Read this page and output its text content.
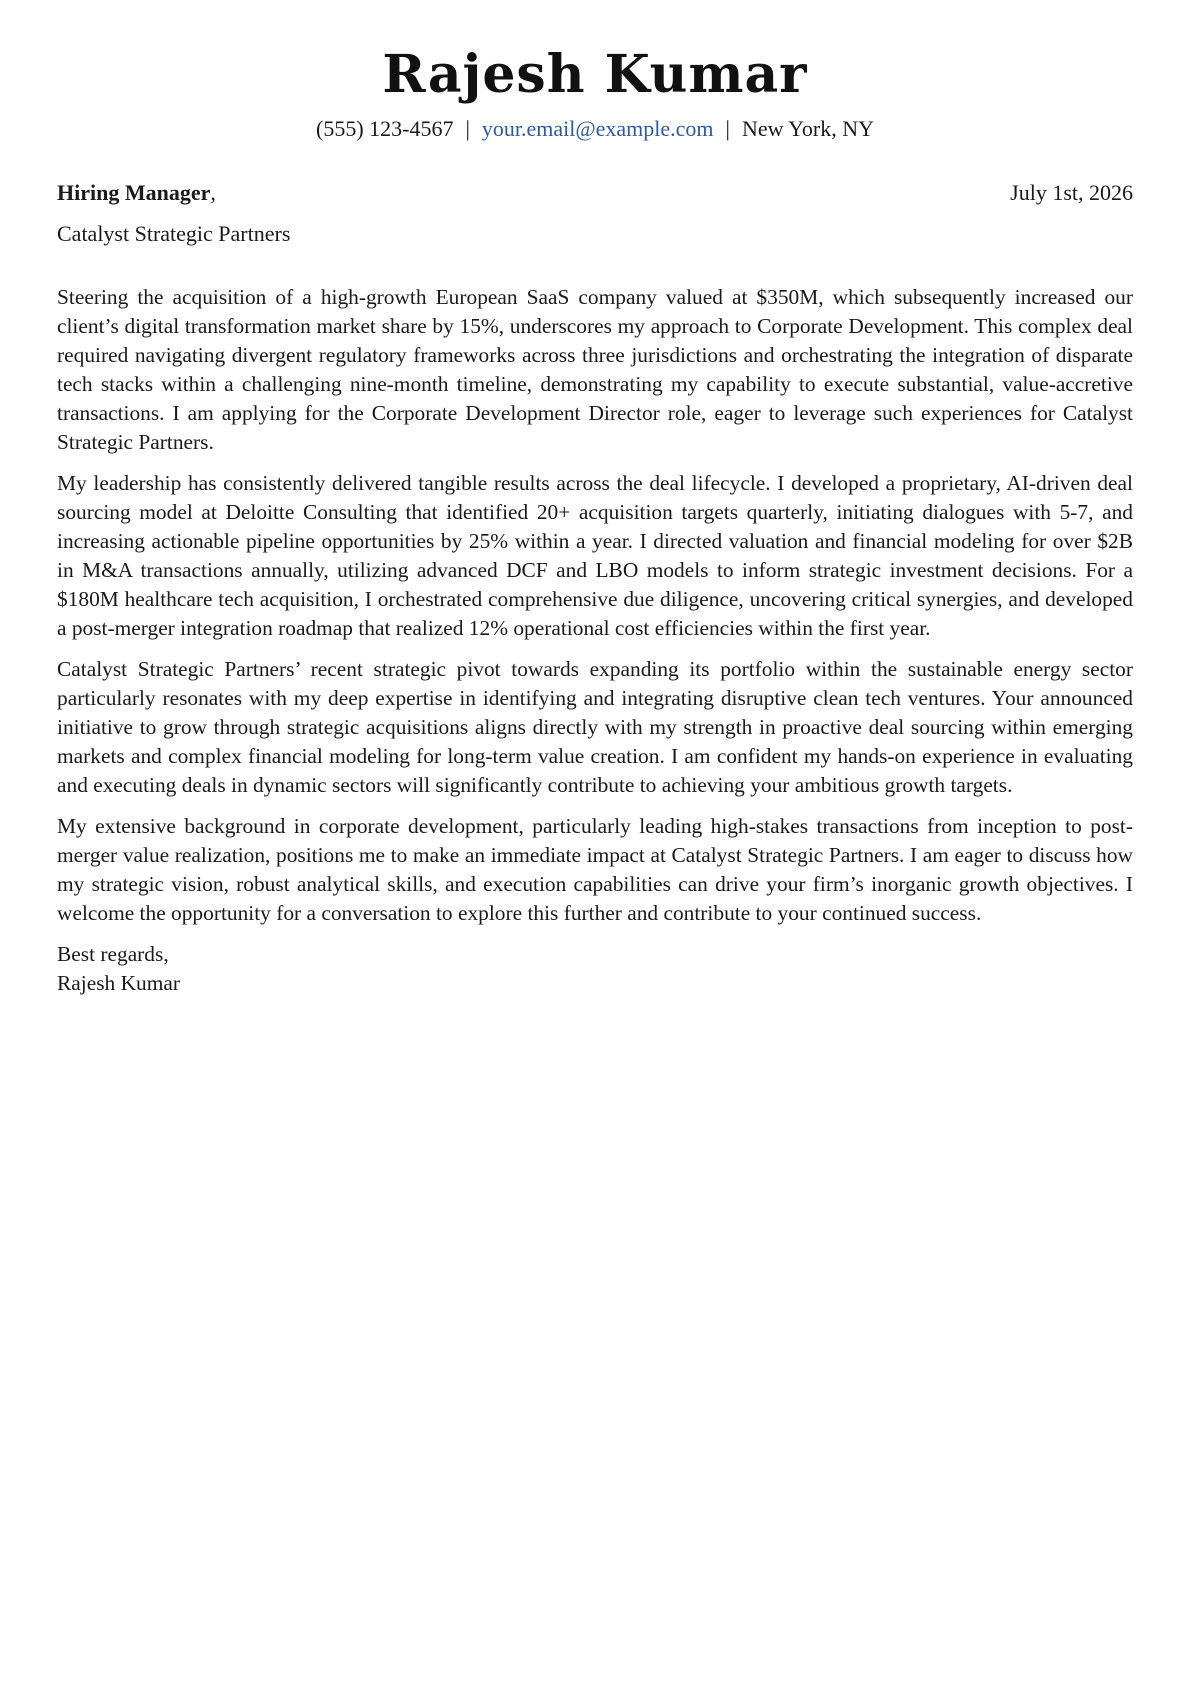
Rajesh Kumar
(555) 123-4567 | your.email@example.com | New York, NY
Hiring Manager,	July 1st, 2026
Catalyst Strategic Partners

Steering the acquisition of a high-growth European SaaS company valued at $350M, which subsequently increased our client’s digital transformation market share by 15%, underscores my approach to Corporate Development. This complex deal required navigating divergent regulatory frameworks across three jurisdictions and orchestrating the integration of disparate tech stacks within a challenging nine-month timeline, demonstrating my capability to execute substantial, value-accretive transactions. I am applying for the Corporate Development Director role, eager to leverage such experiences for Catalyst Strategic Partners.

My leadership has consistently delivered tangible results across the deal lifecycle. I developed a proprietary, AI-driven deal sourcing model at Deloitte Consulting that identified 20+ acquisition targets quarterly, initiating dialogues with 5-7, and increasing actionable pipeline opportunities by 25% within a year. I directed valuation and financial modeling for over $2B in M&A transactions annually, utilizing advanced DCF and LBO models to inform strategic investment decisions. For a $180M healthcare tech acquisition, I orchestrated comprehensive due diligence, uncovering critical synergies, and developed a post-merger integration roadmap that realized 12% operational cost efficiencies within the first year.

Catalyst Strategic Partners’ recent strategic pivot towards expanding its portfolio within the sustainable energy sector particularly resonates with my deep expertise in identifying and integrating disruptive clean tech ventures. Your announced initiative to grow through strategic acquisitions aligns directly with my strength in proactive deal sourcing within emerging markets and complex financial modeling for long-term value creation. I am confident my hands-on experience in evaluating and executing deals in dynamic sectors will significantly contribute to achieving your ambitious growth targets.

My extensive background in corporate development, particularly leading high-stakes transactions from inception to post-merger value realization, positions me to make an immediate impact at Catalyst Strategic Partners. I am eager to discuss how my strategic vision, robust analytical skills, and execution capabilities can drive your firm’s inorganic growth objectives. I welcome the opportunity for a conversation to explore this further and contribute to your continued success.

Best regards,
Rajesh Kumar
